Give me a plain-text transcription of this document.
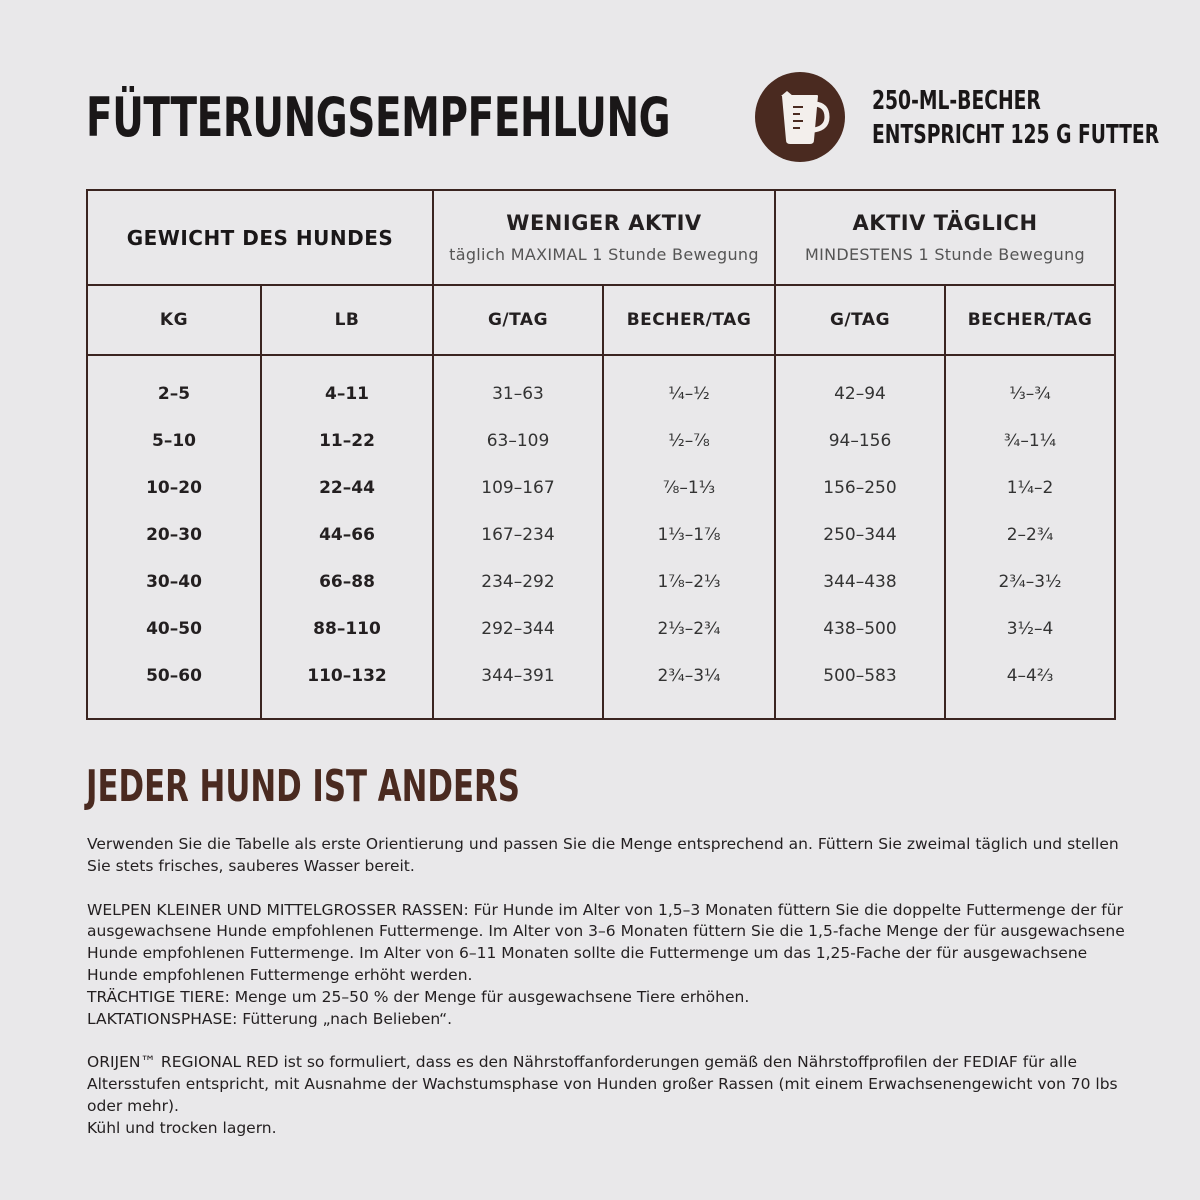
FÜTTERUNGSEMPFEHLUNG	250-ML-BECHER
ENTSPRICHT 125 G FUTTER
GEWICHT DES HUNDES
WENIGER AKTIV
täglich MAXIMAL 1 Stunde Bewegung
AKTIV TÄGLICH
MINDESTENS 1 Stunde Bewegung
KG	LB	G/TAG	BECHER/TAG	G/TAG	BECHER/TAG
2–5	4–11	31–63	¼–½	42–94	⅓–¾
5–10	11–22	63–109	½–⅞	94–156	¾–1¼
10–20	22–44	109–167	⅞–1⅓	156–250	1¼–2
20–30	44–66	167–234	1⅓–1⅞	250–344	2–2¾
30–40	66–88	234–292	1⅞–2⅓	344–438	2¾–3½
40–50	88–110	292–344	2⅓–2¾	438–500	3½–4
50–60	110–132	344–391	2¾–3¼	500–583	4–4⅔
JEDER HUND IST ANDERS

Verwenden Sie die Tabelle als erste Orientierung und passen Sie die Menge entsprechend an. Füttern Sie zweimal täglich und stellen Sie stets frisches, sauberes Wasser bereit.

WELPEN KLEINER UND MITTELGROSSER RASSEN: Für Hunde im Alter von 1,5–3 Monaten füttern Sie die doppelte Futtermenge der für ausgewachsene Hunde empfohlenen Futtermenge. Im Alter von 3–6 Monaten füttern Sie die 1,5-fache Menge der für ausgewachsene Hunde empfohlenen Futtermenge. Im Alter von 6–11 Monaten sollte die Futtermenge um das 1,25-Fache der für ausgewachsene Hunde empfohlenen Futtermenge erhöht werden.

TRÄCHTIGE TIERE: Menge um 25–50 % der Menge für ausgewachsene Tiere erhöhen.

LAKTATIONSPHASE: Fütterung „nach Belieben“.

ORIJEN™ REGIONAL RED ist so formuliert, dass es den Nährstoffanforderungen gemäß den Nährstoffprofilen der FEDIAF für alle Altersstufen entspricht, mit Ausnahme der Wachstumsphase von Hunden großer Rassen (mit einem Erwachsenengewicht von 70 lbs oder mehr).

Kühl und trocken lagern.
